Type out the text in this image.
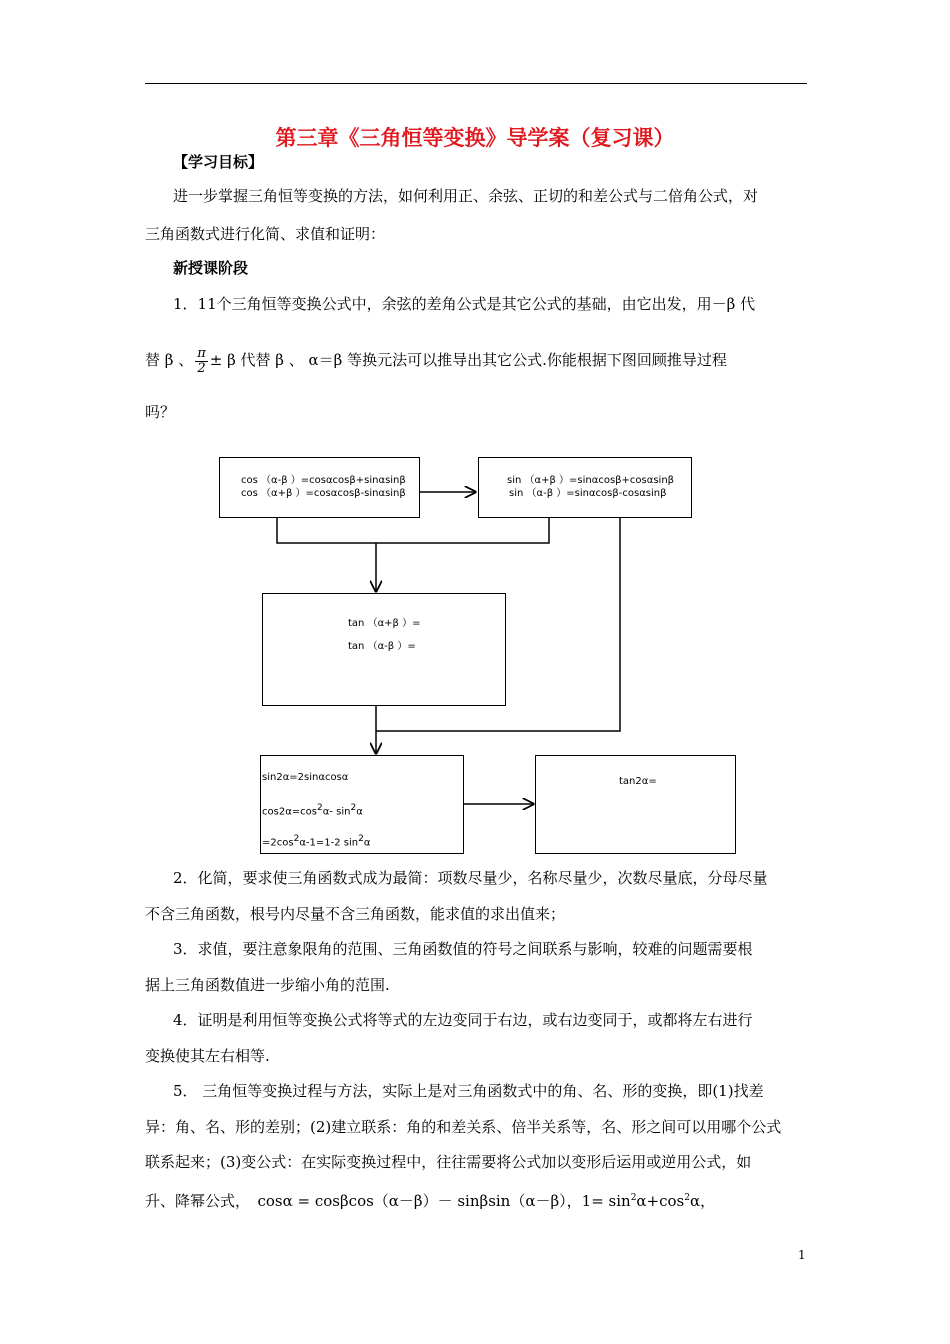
第三章《三角恒等变换》导学案（复习课）
【学习目标】
进一步掌握三角恒等变换的方法，如何利用正、余弦、正切的和差公式与二倍角公式，对
三角函数式进行化简、求值和证明：
新授课阶段
1．11个三角恒等变换公式中，余弦的差角公式是其它公式的基础，由它出发，用－β 代
替 β 、 $\frac{\pi}{2} \pm \beta$ 代替 β 、 α＝β 等换元法可以推导出其它公式.你能根据下图回顾推导过程
吗？
cos （α-β ）=cosαcosβ+sinαsinβ
cos （α+β ）=cosαcosβ-sinαsinβ
sin （α+β ）=sinαcosβ+cosαsinβ
sin （α-β ）=sinαcosβ-cosαsinβ
tan （α+β ）=
tan （α-β ）=
sin2α=2sinαcosα
$\cos 2\alpha=\cos^2\alpha-$ $\sin^2\alpha$
$=2\cos^2\alpha-1=1-2$ $\sin^2\alpha$
tan2α=
2．化简，要求使三角函数式成为最简：项数尽量少，名称尽量少，次数尽量底，分母尽量
不含三角函数，根号内尽量不含三角函数，能求值的求出值来；
3．求值，要注意象限角的范围、三角函数值的符号之间联系与影响，较难的问题需要根
据上三角函数值进一步缩小角的范围.
4．证明是利用恒等变换公式将等式的左边变同于右边，或右边变同于，或都将左右进行
变换使其左右相等.
5． 三角恒等变换过程与方法，实际上是对三角函数式中的角、名、形的变换，即(1)找差
异：角、名、形的差别；(2)建立联系：角的和差关系、倍半关系等，名、形之间可以用哪个公式
联系起来；(3)变公式：在实际变换过程中，往往需要将公式加以变形后运用或逆用公式，如
升、降幂公式，　cosα = cosβcos（α－β）－ sinβsin（α－β），$1= \sin^2\alpha+\cos^2\alpha$，
1
